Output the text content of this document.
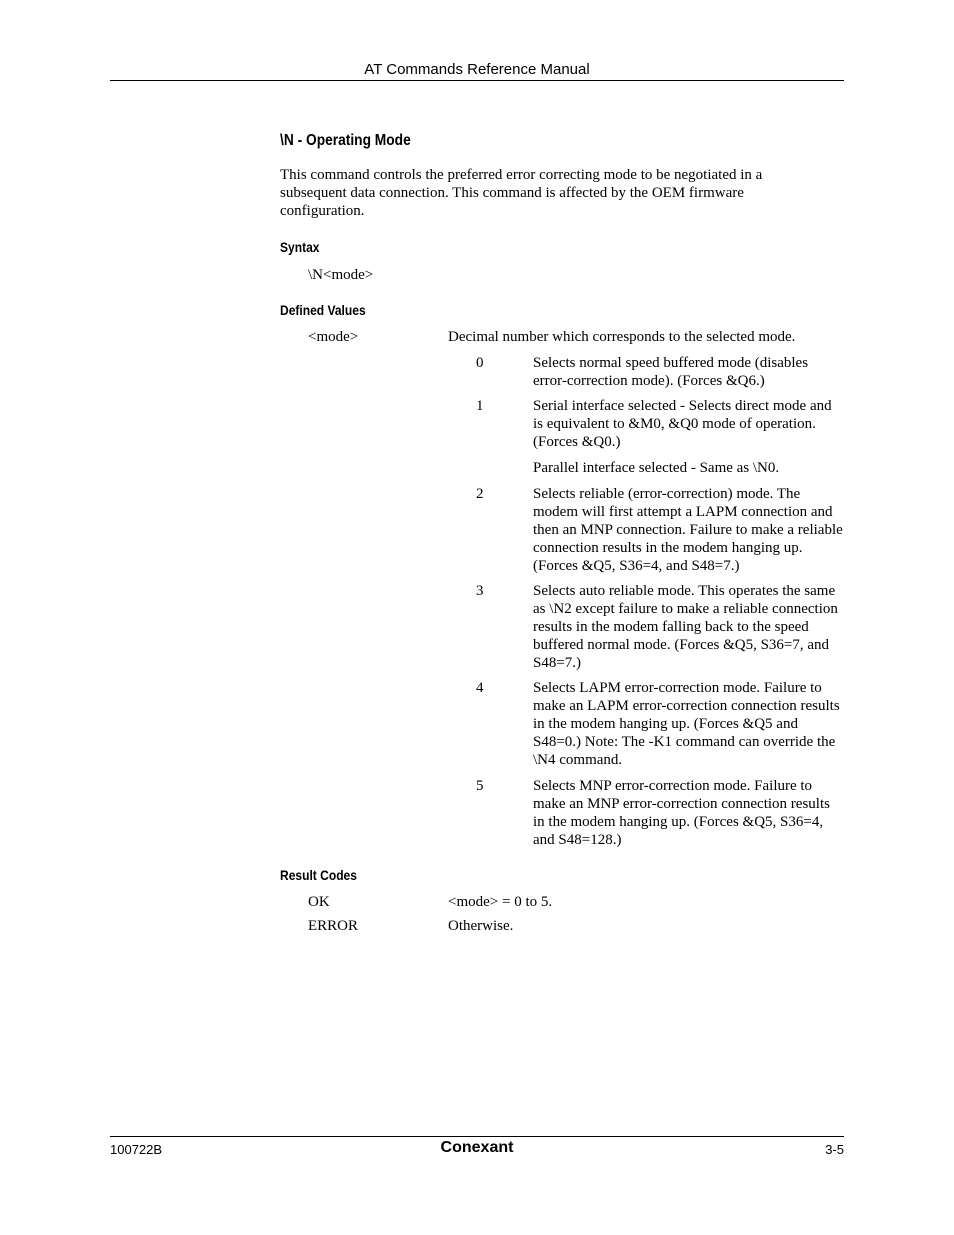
AT Commands Reference Manual
\N - Operating Mode
This command controls the preferred error correcting mode to be negotiated in a subsequent data connection. This command is affected by the OEM firmware configuration.
Syntax
\N<mode>
Defined Values
<mode>	Decimal number which corresponds to the selected mode.
0	Selects normal speed buffered mode (disables error-correction mode). (Forces &Q6.)
1	Serial interface selected - Selects direct mode and is equivalent to &M0, &Q0 mode of operation. (Forces &Q0.)
Parallel interface selected - Same as \N0.
2	Selects reliable (error-correction) mode. The modem will first attempt a LAPM connection and then an MNP connection. Failure to make a reliable connection results in the modem hanging up. (Forces &Q5, S36=4, and S48=7.)
3	Selects auto reliable mode. This operates the same as \N2 except failure to make a reliable connection results in the modem falling back to the speed buffered normal mode. (Forces &Q5, S36=7, and S48=7.)
4	Selects LAPM error-correction mode. Failure to make an LAPM error-correction connection results in the modem hanging up. (Forces &Q5 and S48=0.) Note: The -K1 command can override the \N4 command.
5	Selects MNP error-correction mode. Failure to make an MNP error-correction connection results in the modem hanging up. (Forces &Q5, S36=4, and S48=128.)
Result Codes
OK	<mode> = 0 to 5.
ERROR	Otherwise.
100722B	Conexant	3-5
